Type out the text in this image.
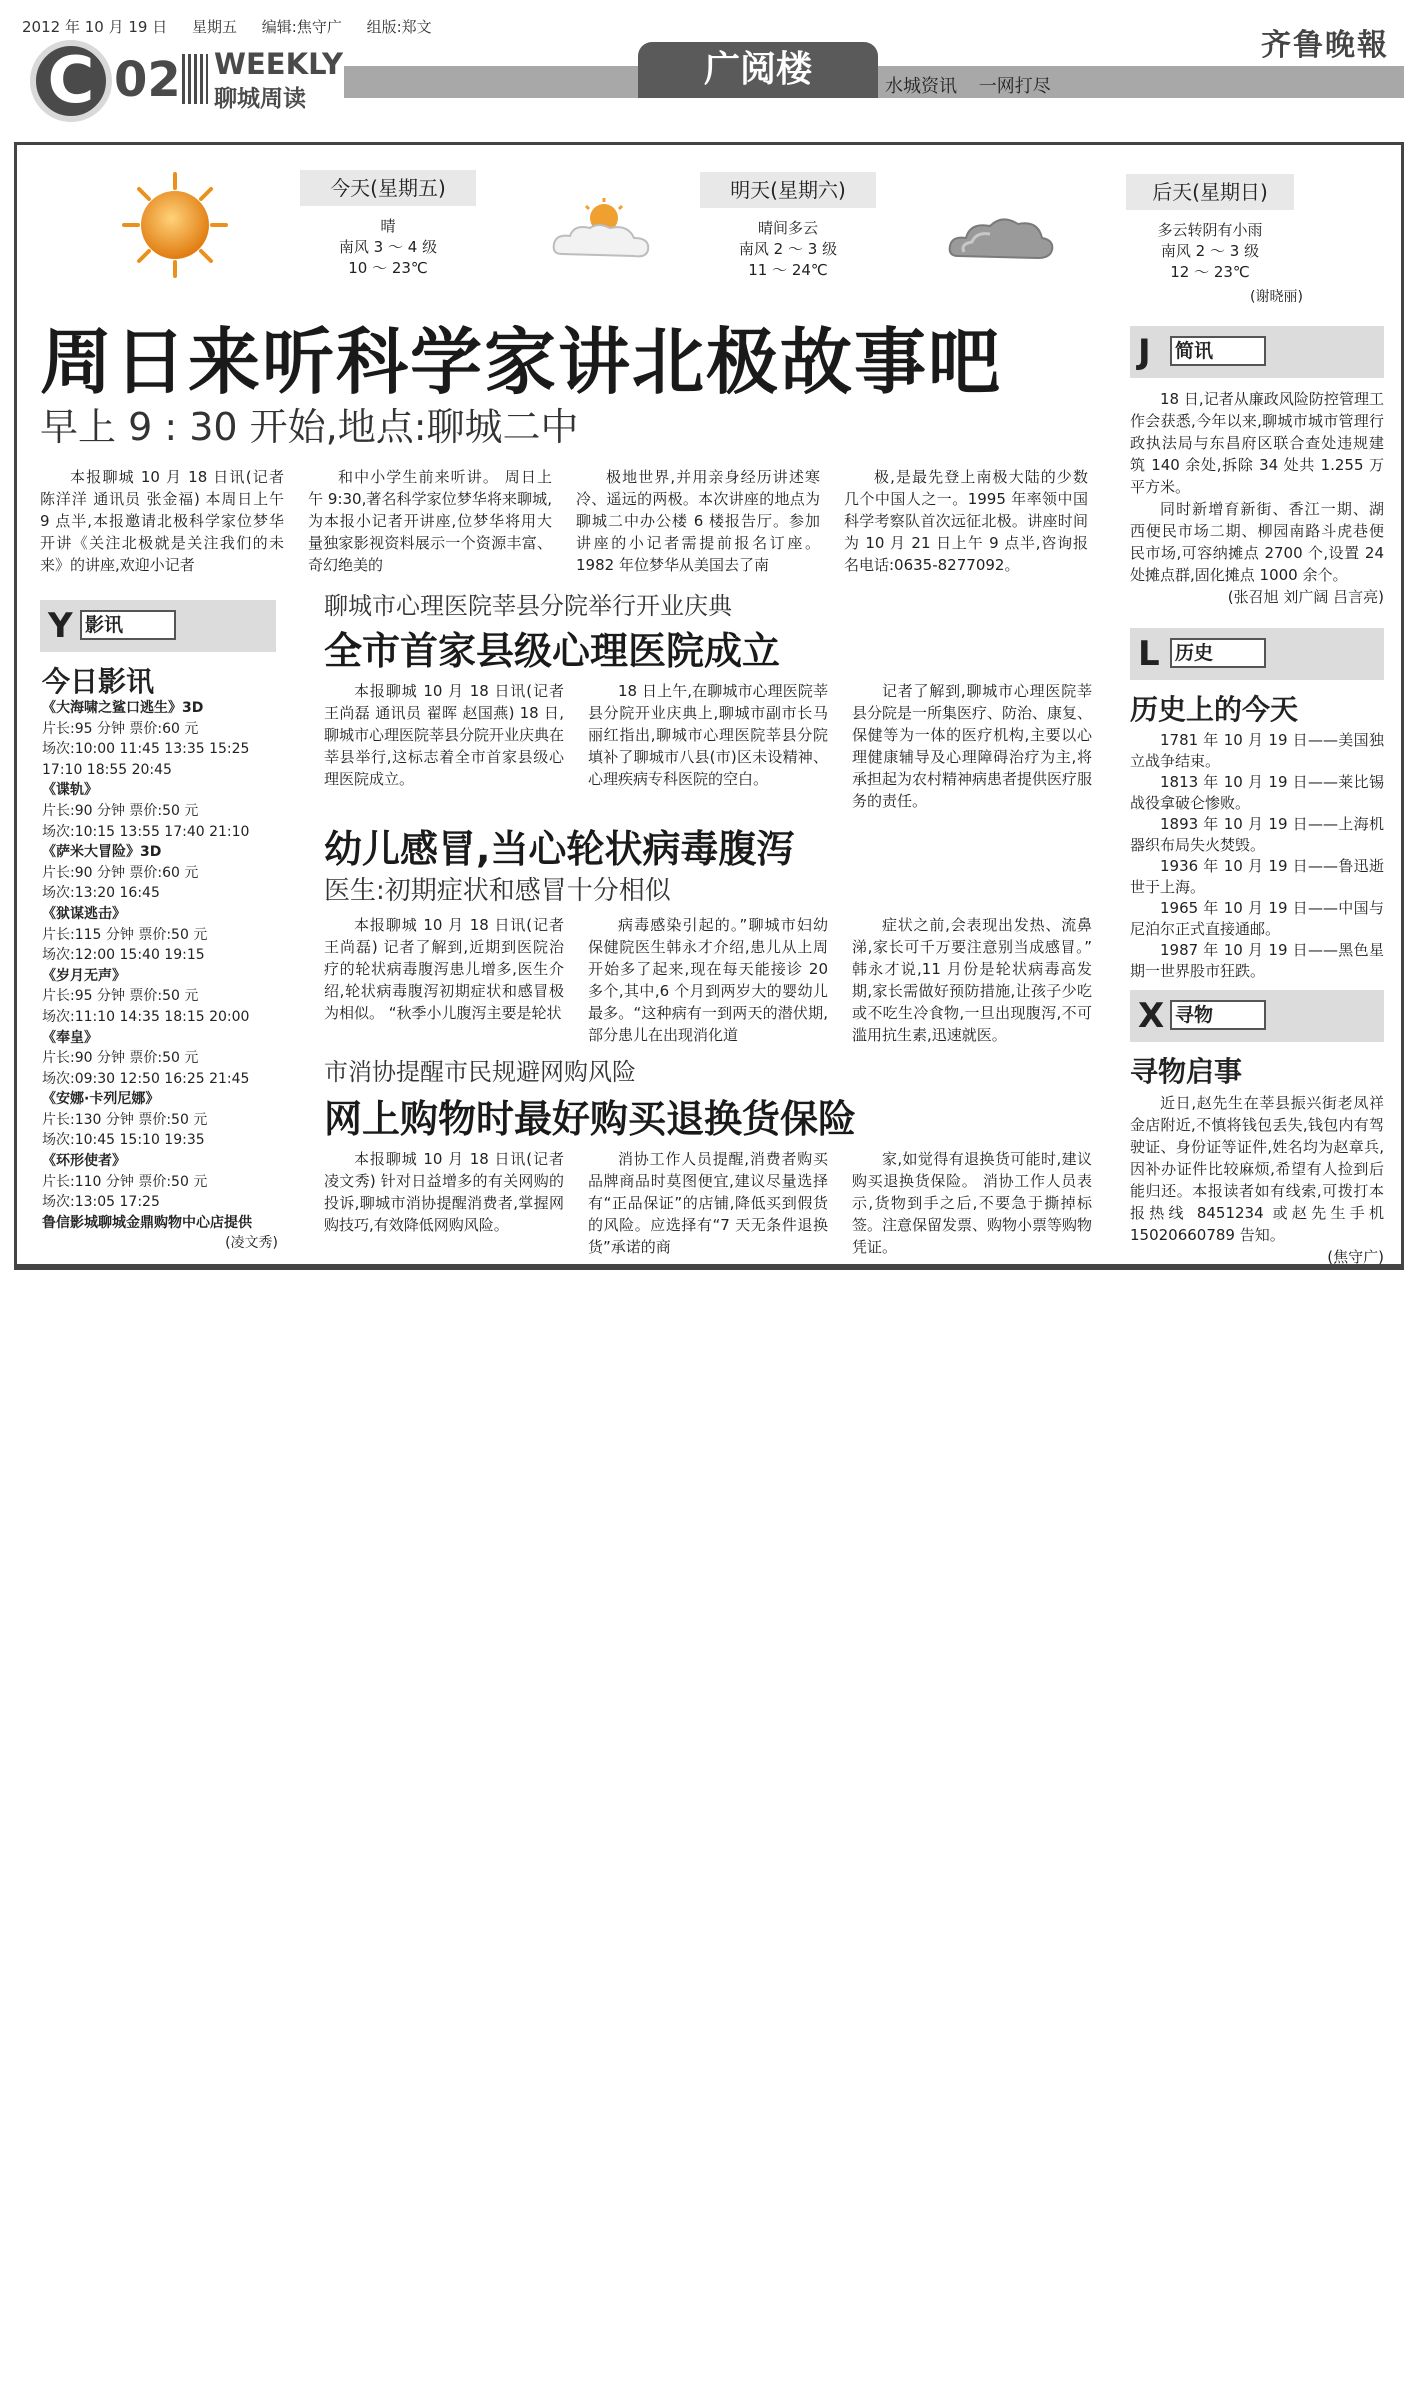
2012 年 10 月 19 日 星期五 编辑:焦守广 组版:郑文
齐鲁晚報
C 02 WEEKLY
聊城周读
广阅楼	水城资讯 一网打尽
今天(星期五)
晴
南风 3 ～ 4 级
10 ～ 23℃
明天(星期六)
晴间多云
南风 2 ～ 3 级
11 ～ 24℃
后天(星期日)
多云转阴有小雨
南风 2 ～ 3 级
12 ～ 23℃
(谢晓丽)
周日来听科学家讲北极故事吧
早上 9 : 30 开始,地点:聊城二中

本报聊城 10 月 18 日讯(记者 陈洋洋 通讯员 张金福) 本周日上午 9 点半,本报邀请北极科学家位梦华开讲《关注北极就是关注我们的未来》的讲座,欢迎小记者

和中小学生前来听讲。 周日上午 9:30,著名科学家位梦华将来聊城,为本报小记者开讲座,位梦华将用大量独家影视资料展示一个资源丰富、奇幻绝美的

极地世界,并用亲身经历讲述寒冷、遥远的两极。本次讲座的地点为聊城二中办公楼 6 楼报告厅。参加讲座的小记者需提前报名订座。 1982 年位梦华从美国去了南

极,是最先登上南极大陆的少数几个中国人之一。1995 年率领中国科学考察队首次远征北极。讲座时间为 10 月 21 日上午 9 点半,咨询报名电话:0635-8277092。

Y 影讯
今日影讯
《大海啸之鲨口逃生》3D
片长:95 分钟 票价:60 元
场次:10:00 11:45 13:35 15:25 17:10 18:55 20:45
《谍轨》
片长:90 分钟 票价:50 元
场次:10:15 13:55 17:40 21:10
《萨米大冒险》3D
片长:90 分钟 票价:60 元
场次:13:20 16:45
《狱谋逃击》
片长:115 分钟 票价:50 元
场次:12:00 15:40 19:15
《岁月无声》
片长:95 分钟 票价:50 元
场次:11:10 14:35 18:15 20:00
《奉皇》
片长:90 分钟 票价:50 元
场次:09:30 12:50 16:25 21:45
《安娜·卡列尼娜》
片长:130 分钟 票价:50 元
场次:10:45 15:10 19:35
《环形使者》
片长:110 分钟 票价:50 元
场次:13:05 17:25
鲁信影城聊城金鼎购物中心店提供
(凌文秀)
聊城市心理医院莘县分院举行开业庆典
全市首家县级心理医院成立

本报聊城 10 月 18 日讯(记者 王尚磊 通讯员 翟晖 赵国燕) 18 日,聊城市心理医院莘县分院开业庆典在莘县举行,这标志着全市首家县级心理医院成立。

18 日上午,在聊城市心理医院莘县分院开业庆典上,聊城市副市长马丽红指出,聊城市心理医院莘县分院填补了聊城市八县(市)区未设精神、心理疾病专科医院的空白。

记者了解到,聊城市心理医院莘县分院是一所集医疗、防治、康复、保健等为一体的医疗机构,主要以心理健康辅导及心理障碍治疗为主,将承担起为农村精神病患者提供医疗服务的责任。

幼儿感冒,当心轮状病毒腹泻
医生:初期症状和感冒十分相似

本报聊城 10 月 18 日讯(记者 王尚磊) 记者了解到,近期到医院治疗的轮状病毒腹泻患儿增多,医生介绍,轮状病毒腹泻初期症状和感冒极为相似。 “秋季小儿腹泻主要是轮状

病毒感染引起的。”聊城市妇幼保健院医生韩永才介绍,患儿从上周开始多了起来,现在每天能接诊 20 多个,其中,6 个月到两岁大的婴幼儿最多。“这种病有一到两天的潜伏期,部分患儿在出现消化道

症状之前,会表现出发热、流鼻涕,家长可千万要注意别当成感冒。” 韩永才说,11 月份是轮状病毒高发期,家长需做好预防措施,让孩子少吃或不吃生冷食物,一旦出现腹泻,不可滥用抗生素,迅速就医。

市消协提醒市民规避网购风险
网上购物时最好购买退换货保险

本报聊城 10 月 18 日讯(记者 凌文秀) 针对日益增多的有关网购的投诉,聊城市消协提醒消费者,掌握网购技巧,有效降低网购风险。

消协工作人员提醒,消费者购买品牌商品时莫图便宜,建议尽量选择有“正品保证”的店铺,降低买到假货的风险。应选择有“7 天无条件退换货”承诺的商

家,如觉得有退换货可能时,建议购买退换货保险。 消协工作人员表示,货物到手之后,不要急于撕掉标签。注意保留发票、购物小票等购物凭证。

J 简讯

18 日,记者从廉政风险防控管理工作会获悉,今年以来,聊城市城市管理行政执法局与东昌府区联合查处违规建筑 140 余处,拆除 34 处共 1.255 万平方米。

同时新增育新街、香江一期、湖西便民市场二期、柳园南路斗虎巷便民市场,可容纳摊点 2700 个,设置 24 处摊点群,固化摊点 1000 余个。

(张召旭 刘广阔 吕言亮)
L 历史
历史上的今天

1781 年 10 月 19 日——美国独立战争结束。

1813 年 10 月 19 日——莱比锡战役拿破仑惨败。

1893 年 10 月 19 日——上海机器织布局失火焚毁。

1936 年 10 月 19 日——鲁迅逝世于上海。

1965 年 10 月 19 日——中国与尼泊尔正式直接通邮。

1987 年 10 月 19 日——黑色星期一世界股市狂跌。

X 寻物
寻物启事

近日,赵先生在莘县振兴街老凤祥金店附近,不慎将钱包丢失,钱包内有驾驶证、身份证等证件,姓名均为赵章兵,因补办证件比较麻烦,希望有人捡到后能归还。本报读者如有线索,可拨打本报热线 8451234 或赵先生手机 15020660789 告知。

(焦守广)
